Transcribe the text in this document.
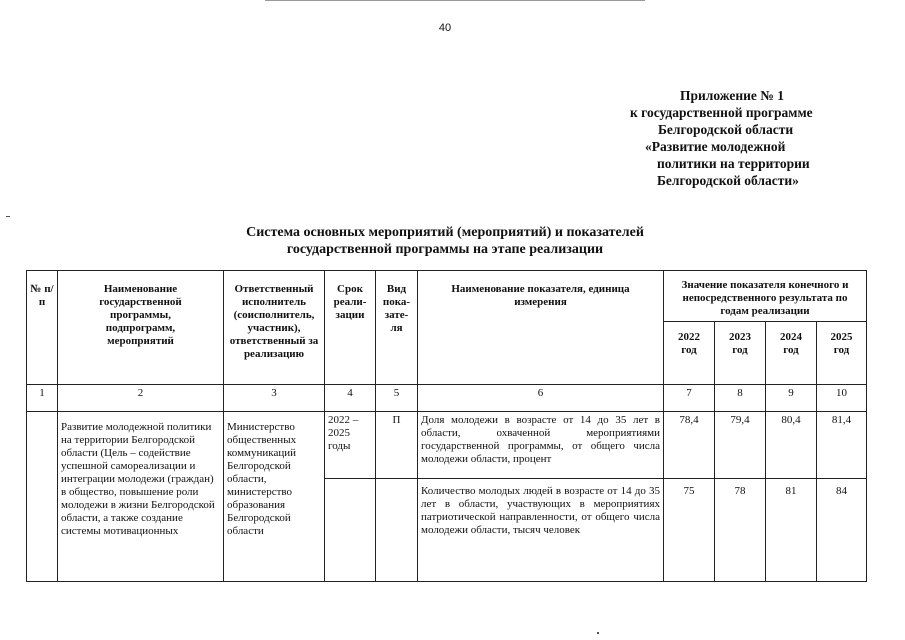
40
Приложение № 1
к государственной программе
Белгородской области
«Развитие молодежной
политики на территории
Белгородской области»
Система основных мероприятий (мероприятий) и показателей
государственной программы на этапе реализации
№ п/п	Наименование государственной программы, подпрограмм, мероприятий	Ответственный исполнитель (соисполнитель, участник), ответственный за реализацию	Срок реали-зации	Вид пока-зате-ля	Наименование показателя, единица измерения	Значение показателя конечного и непосредственного результата по годам реализации			
						2022 год	2023 год	2024 год	2025 год
1	2	3	4	5	6	7	8	9	10
	Развитие молодежной политики на территории Белгородской области (Цель – содействие успешной самореализации и интеграции молодежи (граждан) в общество, повышение роли молодежи в жизни Белгородской области, а также создание системы мотивационных	Министерство общественных коммуникаций Белгородской области, министерство образования Белгородской области	2022 – 2025 годы	П	Доля молодежи в возрасте от 14 до 35 лет в области, охваченной мероприятиями государственной программы, от общего числа молодежи области, процент	78,4	79,4	80,4	81,4
					Количество молодых людей в возрасте от 14 до 35 лет в области, участвующих в мероприятиях патриотической направленности, от общего числа молодежи области, тысяч человек	75	78	81	84
